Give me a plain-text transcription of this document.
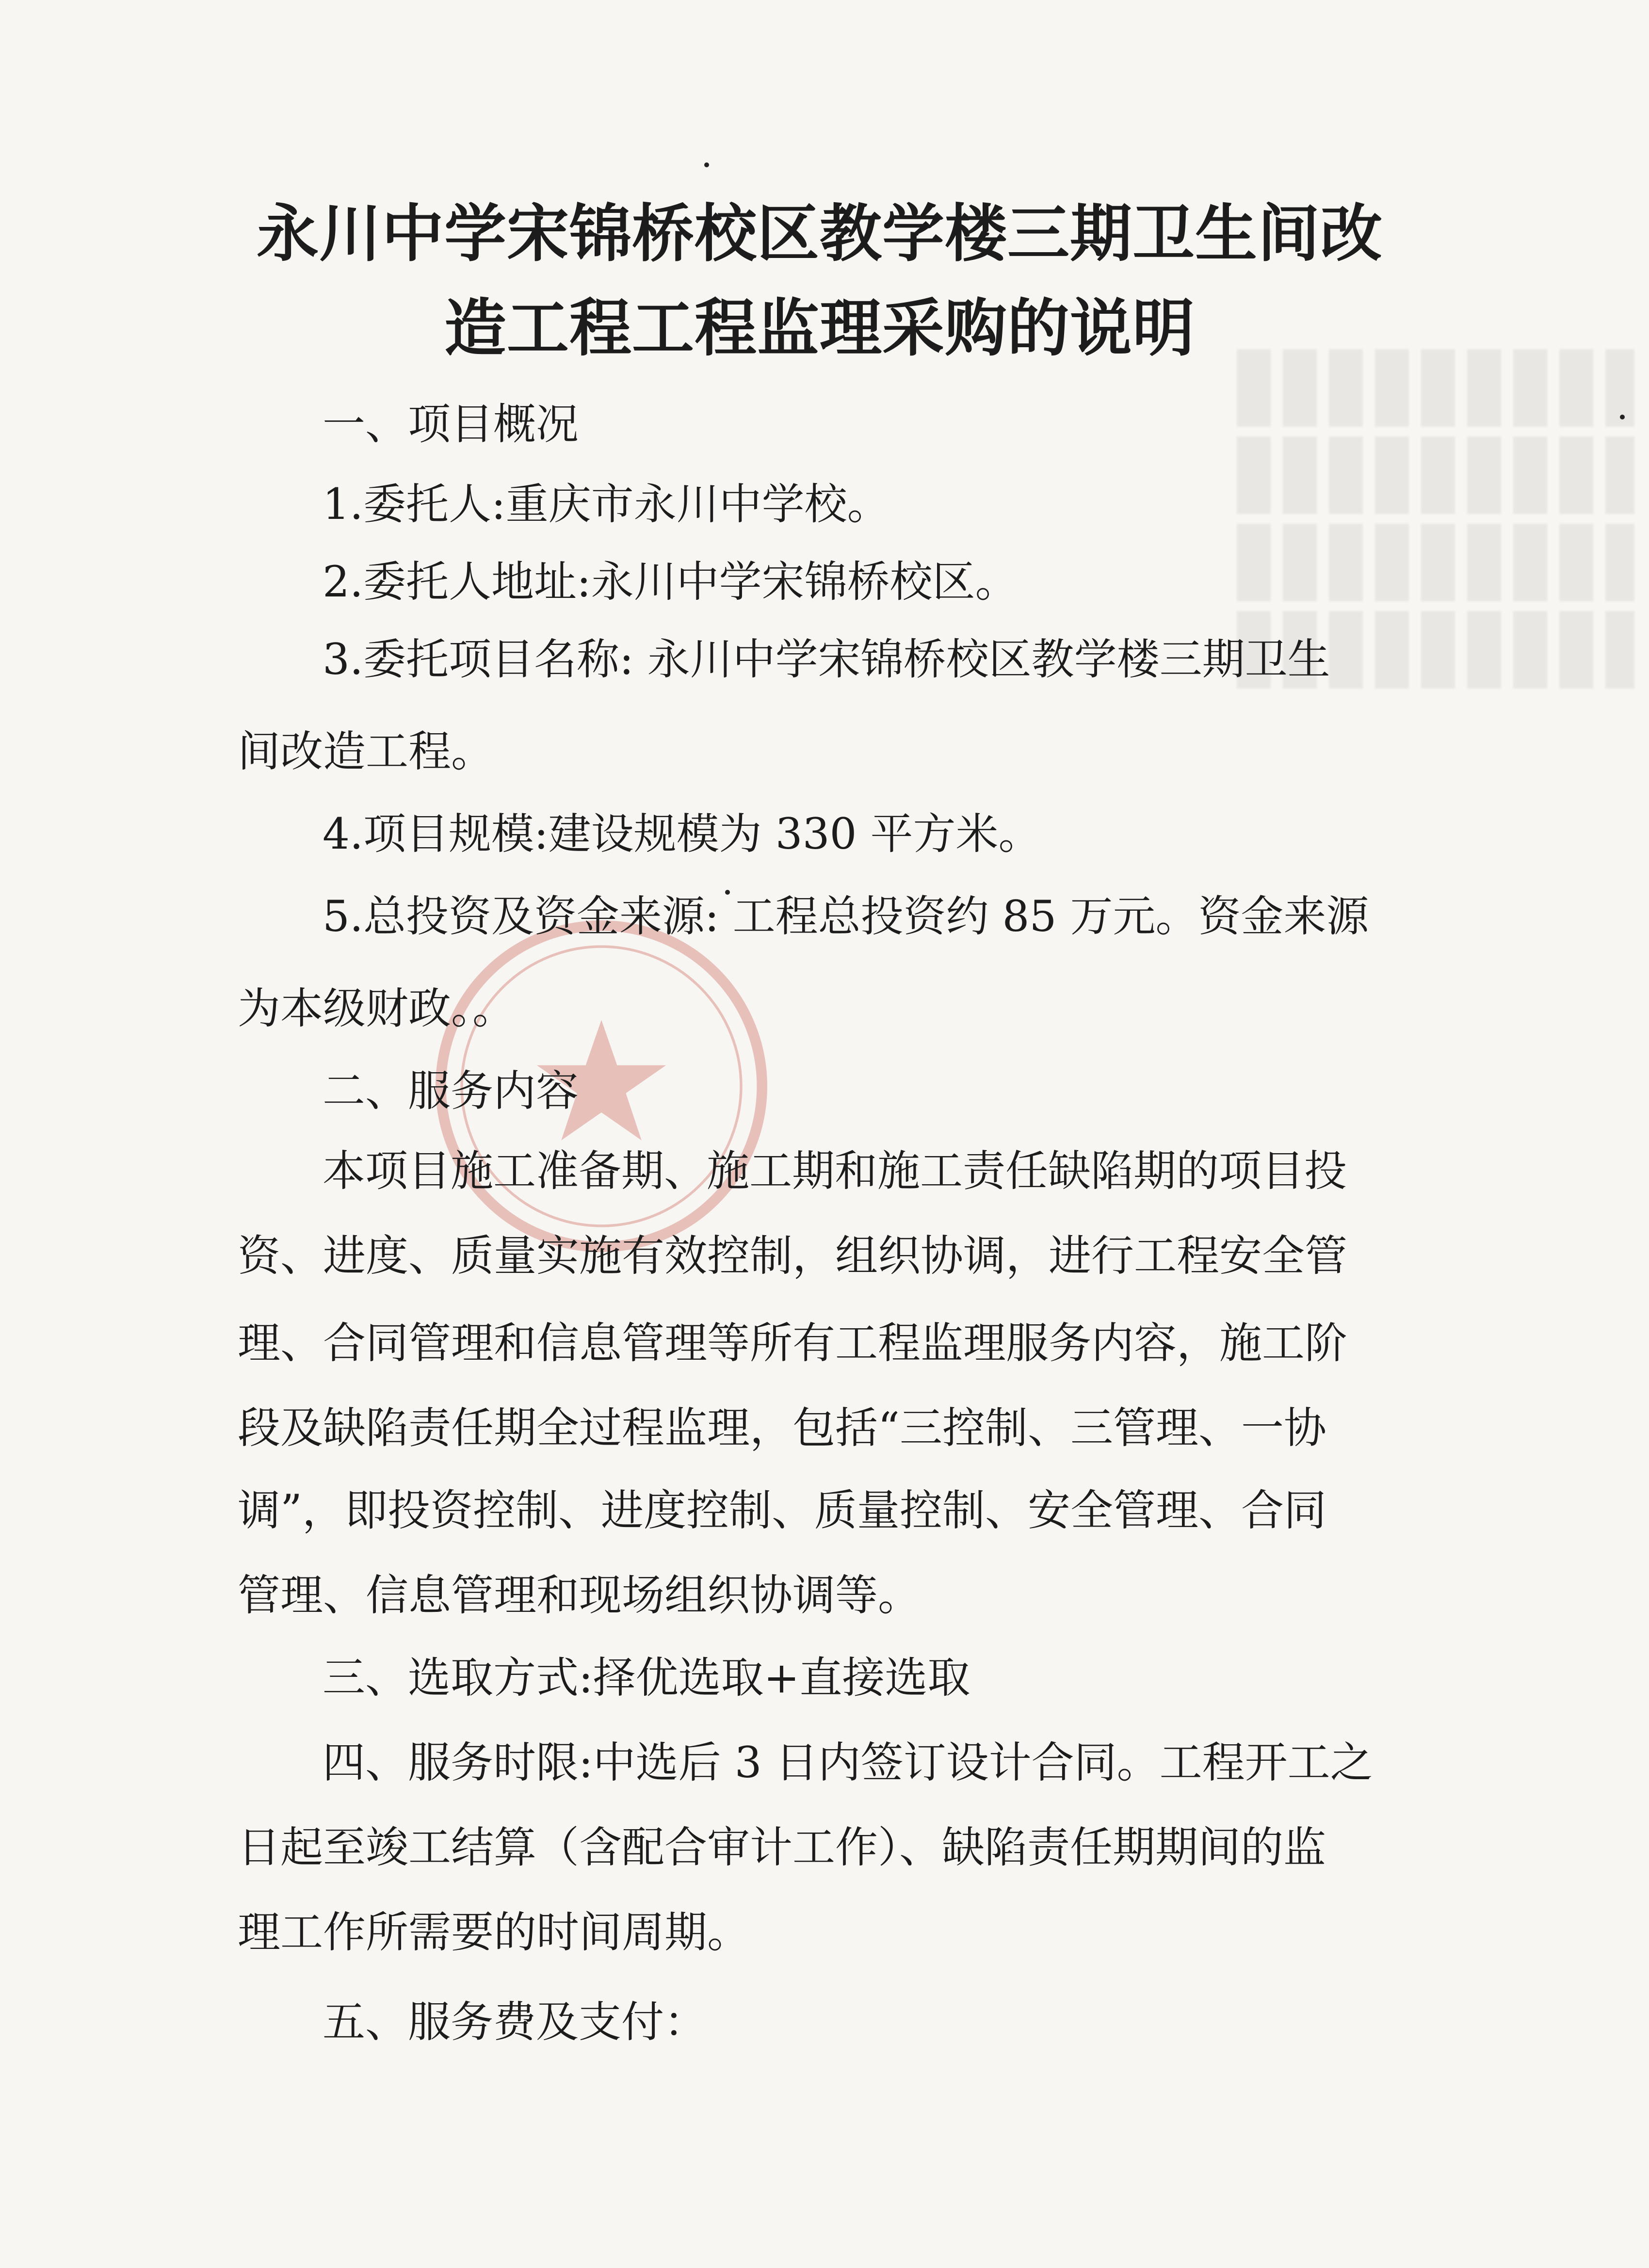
永川中学宋锦桥校区教学楼三期卫生间改
造工程工程监理采购的说明
一、项目概况
1.委托人:重庆市永川中学校。
2.委托人地址:永川中学宋锦桥校区。
3.委托项目名称: 永川中学宋锦桥校区教学楼三期卫生
间改造工程。
4.项目规模:建设规模为 330 平方米。
5.总投资及资金来源: 工程总投资约 85 万元。资金来源
为本级财政。。
二、服务内容
本项目施工准备期、施工期和施工责任缺陷期的项目投
资、进度、质量实施有效控制，组织协调，进行工程安全管
理、合同管理和信息管理等所有工程监理服务内容，施工阶
段及缺陷责任期全过程监理，包括“三控制、三管理、一协
调”，即投资控制、进度控制、质量控制、安全管理、合同
管理、信息管理和现场组织协调等。
三、选取方式:择优选取+直接选取
四、服务时限:中选后 3 日内签订设计合同。工程开工之
日起至竣工结算（含配合审计工作）、缺陷责任期期间的监
理工作所需要的时间周期。
五、服务费及支付：
